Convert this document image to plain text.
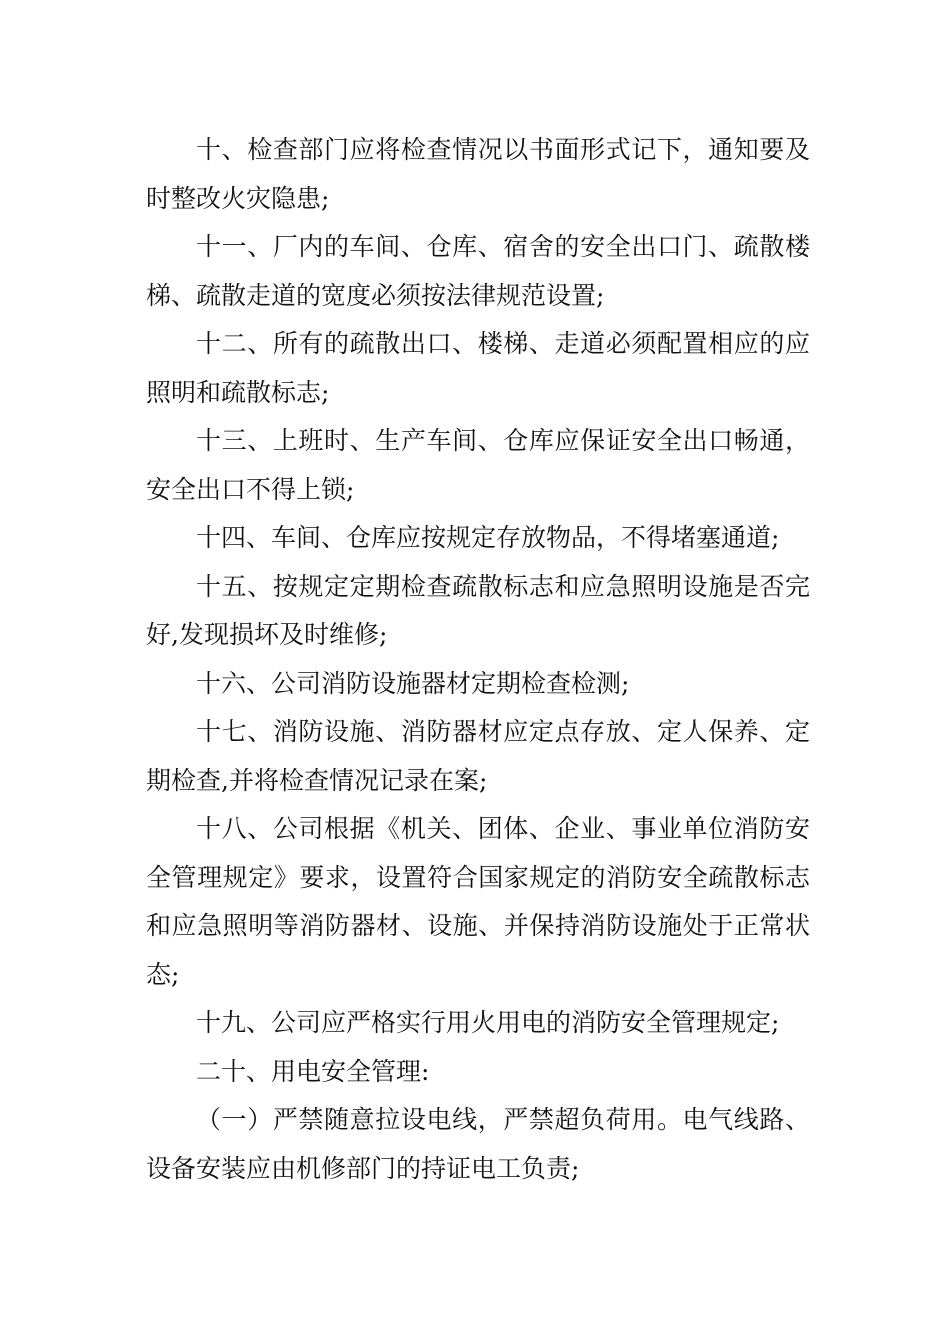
十、检查部门应将检查情况以书面形式记下，通知要及时整改火灾隐患;

十一、厂内的车间、仓库、宿舍的安全出口门、疏散楼梯、疏散走道的宽度必须按法律规范设置;

十二、所有的疏散出口、楼梯、走道必须配置相应的应照明和疏散标志;

十三、上班时、生产车间、仓库应保证安全出口畅通，安全出口不得上锁;

十四、车间、仓库应按规定存放物品，不得堵塞通道;

十五、按规定定期检查疏散标志和应急照明设施是否完好,发现损坏及时维修;

十六、公司消防设施器材定期检查检测;

十七、消防设施、消防器材应定点存放、定人保养、定期检查,并将检查情况记录在案;

十八、公司根据《机关、团体、企业、事业单位消防安全管理规定》要求，设置符合国家规定的消防安全疏散标志和应急照明等消防器材、设施、并保持消防设施处于正常状态;

十九、公司应严格实行用火用电的消防安全管理规定;

二十、用电安全管理:

（一）严禁随意拉设电线，严禁超负荷用。电气线路、设备安装应由机修部门的持证电工负责;
